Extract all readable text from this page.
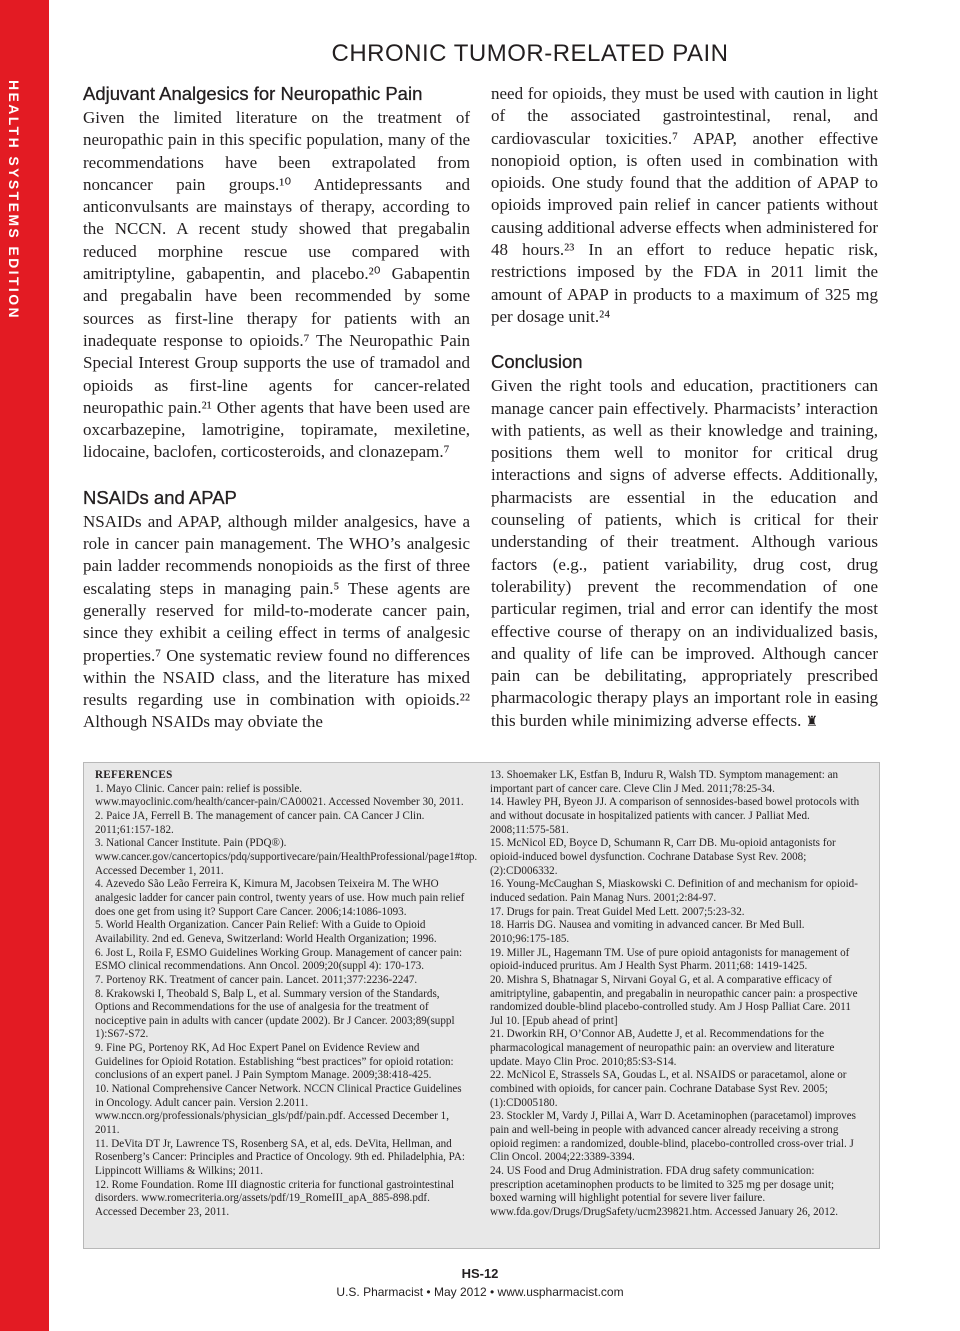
HEALTH SYSTEMS EDITION
CHRONIC TUMOR-RELATED PAIN
Adjuvant Analgesics for Neuropathic Pain

Given the limited literature on the treatment of neuropathic pain in this specific population, many of the recommendations have been extrapolated from noncancer pain groups.¹⁰ Antidepressants and anticonvulsants are mainstays of therapy, according to the NCCN. A recent study showed that pregabalin reduced morphine rescue use compared with amitriptyline, gabapentin, and placebo.²⁰ Gabapentin and pregabalin have been recommended by some sources as first-line therapy for patients with an inadequate response to opioids.⁷ The Neuropathic Pain Special Interest Group supports the use of tramadol and opioids as first-line agents for cancer-related neuropathic pain.²¹ Other agents that have been used are oxcarbazepine, lamotrigine, topiramate, mexiletine, lidocaine, baclofen, corticosteroids, and clonazepam.⁷

NSAIDs and APAP

NSAIDs and APAP, although milder analgesics, have a role in cancer pain management. The WHO’s analgesic pain ladder recommends nonopioids as the first of three escalating steps in managing pain.⁵ These agents are generally reserved for mild-to-moderate cancer pain, since they exhibit a ceiling effect in terms of analgesic properties.⁷ One systematic review found no differences within the NSAID class, and the literature has mixed results regarding use in combination with opioids.²² Although NSAIDs may obviate the

need for opioids, they must be used with caution in light of the associated gastrointestinal, renal, and cardiovascular toxicities.⁷ APAP, another effective nonopioid option, is often used in combination with opioids. One study found that the addition of APAP to opioids improved pain relief in cancer patients without causing additional adverse effects when administered for 48 hours.²³ In an effort to reduce hepatic risk, restrictions imposed by the FDA in 2011 limit the amount of APAP in products to a maximum of 325 mg per dosage unit.²⁴

Conclusion

Given the right tools and education, practitioners can manage cancer pain effectively. Pharmacists’ interaction with patients, as well as their knowledge and training, positions them well to monitor for critical drug interactions and signs of adverse effects. Additionally, pharmacists are essential in the education and counseling of patients, which is critical for their understanding of their treatment. Although various factors (e.g., patient variability, drug cost, drug tolerability) prevent the recommendation of one particular regimen, trial and error can identify the most effective course of therapy on an individualized basis, and quality of life can be improved. Although cancer pain can be debilitating, appropriately prescribed pharmacologic therapy plays an important role in easing this burden while minimizing adverse effects. ♜

REFERENCES

1. Mayo Clinic. Cancer pain: relief is possible. www.mayoclinic.com/health/cancer-pain/CA00021. Accessed November 30, 2011.

2. Paice JA, Ferrell B. The management of cancer pain. CA Cancer J Clin. 2011;61:157-182.

3. National Cancer Institute. Pain (PDQ®). www.cancer.gov/cancertopics/pdq/supportivecare/pain/HealthProfessional/page1#top. Accessed December 1, 2011.

4. Azevedo São Leão Ferreira K, Kimura M, Jacobsen Teixeira M. The WHO analgesic ladder for cancer pain control, twenty years of use. How much pain relief does one get from using it? Support Care Cancer. 2006;14:1086-1093.

5. World Health Organization. Cancer Pain Relief: With a Guide to Opioid Availability. 2nd ed. Geneva, Switzerland: World Health Organization; 1996.

6. Jost L, Roila F, ESMO Guidelines Working Group. Management of cancer pain: ESMO clinical recommendations. Ann Oncol. 2009;20(suppl 4): 170-173.

7. Portenoy RK. Treatment of cancer pain. Lancet. 2011;377:2236-2247.

8. Krakowski I, Theobald S, Balp L, et al. Summary version of the Standards, Options and Recommendations for the use of analgesia for the treatment of nociceptive pain in adults with cancer (update 2002). Br J Cancer. 2003;89(suppl 1):S67-S72.

9. Fine PG, Portenoy RK, Ad Hoc Expert Panel on Evidence Review and Guidelines for Opioid Rotation. Establishing “best practices” for opioid rotation: conclusions of an expert panel. J Pain Symptom Manage. 2009;38:418-425.

10. National Comprehensive Cancer Network. NCCN Clinical Practice Guidelines in Oncology. Adult cancer pain. Version 2.2011. www.nccn.org/professionals/physician_gls/pdf/pain.pdf. Accessed December 1, 2011.

11. DeVita DT Jr, Lawrence TS, Rosenberg SA, et al, eds. DeVita, Hellman, and Rosenberg’s Cancer: Principles and Practice of Oncology. 9th ed. Philadelphia, PA: Lippincott Williams & Wilkins; 2011.

12. Rome Foundation. Rome III diagnostic criteria for functional gastrointestinal disorders. www.romecriteria.org/assets/pdf/19_RomeIII_apA_885-898.pdf. Accessed December 23, 2011.

13. Shoemaker LK, Estfan B, Induru R, Walsh TD. Symptom management: an important part of cancer care. Cleve Clin J Med. 2011;78:25-34.

14. Hawley PH, Byeon JJ. A comparison of sennosides-based bowel protocols with and without docusate in hospitalized patients with cancer. J Palliat Med. 2008;11:575-581.

15. McNicol ED, Boyce D, Schumann R, Carr DB. Mu-opioid antagonists for opioid-induced bowel dysfunction. Cochrane Database Syst Rev. 2008;(2):CD006332.

16. Young-McCaughan S, Miaskowski C. Definition of and mechanism for opioid-induced sedation. Pain Manag Nurs. 2001;2:84-97.

17. Drugs for pain. Treat Guidel Med Lett. 2007;5:23-32.

18. Harris DG. Nausea and vomiting in advanced cancer. Br Med Bull. 2010;96:175-185.

19. Miller JL, Hagemann TM. Use of pure opioid antagonists for management of opioid-induced pruritus. Am J Health Syst Pharm. 2011;68: 1419-1425.

20. Mishra S, Bhatnagar S, Nirvani Goyal G, et al. A comparative efficacy of amitriptyline, gabapentin, and pregabalin in neuropathic cancer pain: a prospective randomized double-blind placebo-controlled study. Am J Hosp Palliat Care. 2011 Jul 10. [Epub ahead of print]

21. Dworkin RH, O’Connor AB, Audette J, et al. Recommendations for the pharmacological management of neuropathic pain: an overview and literature update. Mayo Clin Proc. 2010;85:S3-S14.

22. McNicol E, Strassels SA, Goudas L, et al. NSAIDS or paracetamol, alone or combined with opioids, for cancer pain. Cochrane Database Syst Rev. 2005;(1):CD005180.

23. Stockler M, Vardy J, Pillai A, Warr D. Acetaminophen (paracetamol) improves pain and well-being in people with advanced cancer already receiving a strong opioid regimen: a randomized, double-blind, placebo-controlled cross-over trial. J Clin Oncol. 2004;22:3389-3394.

24. US Food and Drug Administration. FDA drug safety communication: prescription acetaminophen products to be limited to 325 mg per dosage unit; boxed warning will highlight potential for severe liver failure. www.fda.gov/Drugs/DrugSafety/ucm239821.htm. Accessed January 26, 2012.

HS-12
U.S. Pharmacist • May 2012 • www.uspharmacist.com
